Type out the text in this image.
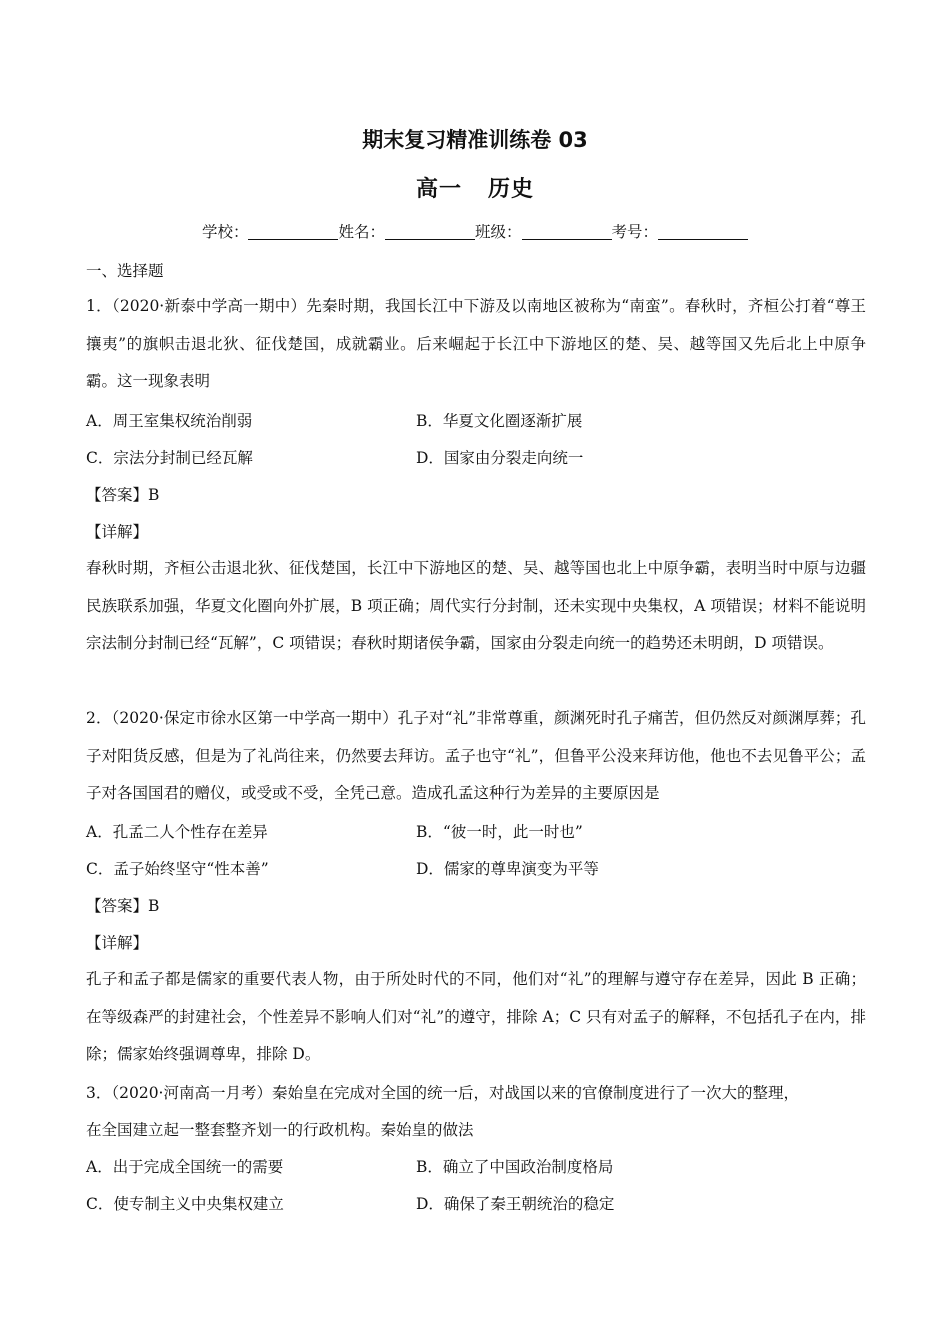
期末复习精准训练卷 03
高一 历史
学校：	姓名：	班级：	考号：
一、选择题
1．（2020·新泰中学高一期中）先秦时期，我国长江中下游及以南地区被称为“南蛮”。春秋时，齐桓公打着“尊王攘夷”的旗帜击退北狄、征伐楚国，成就霸业。后来崛起于长江中下游地区的楚、吴、越等国又先后北上中原争霸。这一现象表明
A．周王室集权统治削弱	B．华夏文化圈逐渐扩展
C．宗法分封制已经瓦解	D．国家由分裂走向统一
【答案】B
【详解】
春秋时期，齐桓公击退北狄、征伐楚国，长江中下游地区的楚、吴、越等国也北上中原争霸，表明当时中原与边疆民族联系加强，华夏文化圈向外扩展，B 项正确；周代实行分封制，还未实现中央集权，A 项错误；材料不能说明宗法制分封制已经“瓦解”，C 项错误；春秋时期诸侯争霸，国家由分裂走向统一的趋势还未明朗，D 项错误。
2．（2020·保定市徐水区第一中学高一期中）孔子对“礼”非常尊重，颜渊死时孔子痛苦，但仍然反对颜渊厚葬；孔子对阳货反感，但是为了礼尚往来，仍然要去拜访。孟子也守“礼”，但鲁平公没来拜访他，他也不去见鲁平公；孟子对各国国君的赠仪，或受或不受，全凭己意。造成孔孟这种行为差异的主要原因是
A．孔孟二人个性存在差异	B．“彼一时，此一时也”
C．孟子始终坚守“性本善”	D．儒家的尊卑演变为平等
【答案】B
【详解】
孔子和孟子都是儒家的重要代表人物，由于所处时代的不同，他们对“礼”的理解与遵守存在差异，因此 B 正确；在等级森严的封建社会，个性差异不影响人们对“礼”的遵守，排除 A；C 只有对孟子的解释，不包括孔子在内，排除；儒家始终强调尊卑，排除 D。
3．（2020·河南高一月考）秦始皇在完成对全国的统一后，对战国以来的官僚制度进行了一次大的整理，
在全国建立起一整套整齐划一的行政机构。秦始皇的做法
A．出于完成全国统一的需要	B．确立了中国政治制度格局
C．使专制主义中央集权建立	D．确保了秦王朝统治的稳定
